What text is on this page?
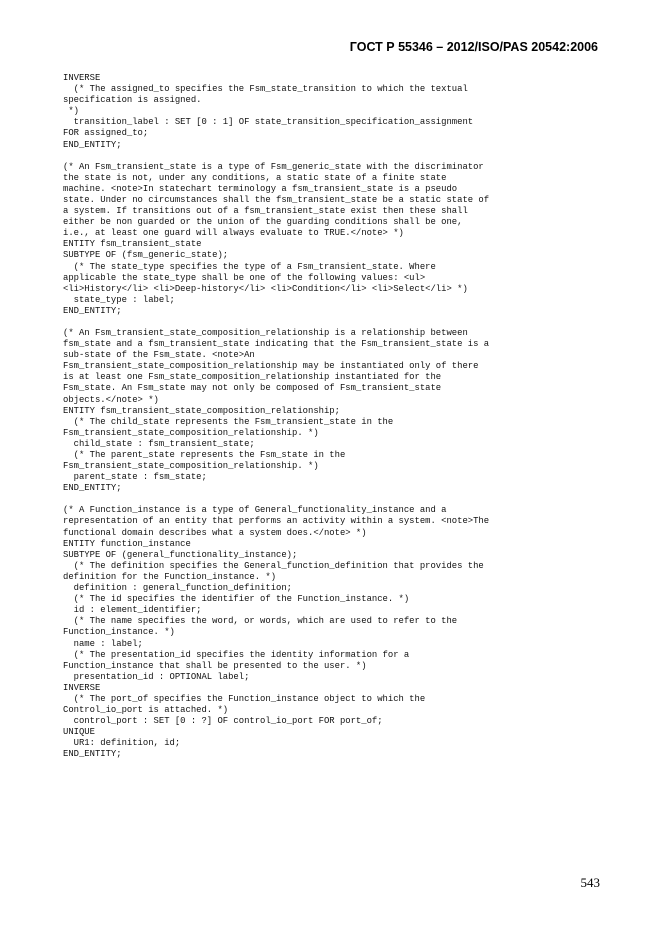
ГОСТ Р 55346 – 2012/ISO/PAS 20542:2006
INVERSE
(* The assigned_to specifies the Fsm_state_transition to which the textual
specification is assigned.
*)
transition_label : SET [0 : 1] OF state_transition_specification_assignment
FOR assigned_to;
END_ENTITY;
(* An Fsm_transient_state is a type of Fsm_generic_state with the discriminator
the state is not, under any conditions, a static state of a finite state
machine. <note>In statechart terminology a fsm_transient_state is a pseudo
state. Under no circumstances shall the fsm_transient_state be a static state of
a system. If transitions out of a fsm_transient_state exist then these shall
either be non guarded or the union of the guarding conditions shall be one,
i.e., at least one guard will always evaluate to TRUE.</note> *)
ENTITY fsm_transient_state
SUBTYPE OF (fsm_generic_state);
(* The state_type specifies the type of a Fsm_transient_state. Where
applicable the state_type shall be one of the following values: <ul>
<li>History</li> <li>Deep-history</li> <li>Condition</li> <li>Select</li> *)
state_type : label;
END_ENTITY;
(* An Fsm_transient_state_composition_relationship is a relationship between
fsm_state and a fsm_transient_state indicating that the Fsm_transient_state is a
sub-state of the Fsm_state. <note>An
Fsm_transient_state_composition_relationship may be instantiated only of there
is at least one Fsm_state_composition_relationship instantiated for the
Fsm_state. An Fsm_state may not only be composed of Fsm_transient_state
objects.</note> *)
ENTITY fsm_transient_state_composition_relationship;
(* The child_state represents the Fsm_transient_state in the
Fsm_transient_state_composition_relationship. *)
child_state : fsm_transient_state;
(* The parent_state represents the Fsm_state in the
Fsm_transient_state_composition_relationship. *)
parent_state : fsm_state;
END_ENTITY;
(* A Function_instance is a type of General_functionality_instance and a
representation of an entity that performs an activity within a system. <note>The
functional domain describes what a system does.</note> *)
ENTITY function_instance
SUBTYPE OF (general_functionality_instance);
(* The definition specifies the General_function_definition that provides the
definition for the Function_instance. *)
definition : general_function_definition;
(* The id specifies the identifier of the Function_instance. *)
id : element_identifier;
(* The name specifies the word, or words, which are used to refer to the
Function_instance. *)
name : label;
(* The presentation_id specifies the identity information for a
Function_instance that shall be presented to the user. *)
presentation_id : OPTIONAL label;
INVERSE
(* The port_of specifies the Function_instance object to which the
Control_io_port is attached. *)
control_port : SET [0 : ?] OF control_io_port FOR port_of;
UNIQUE
UR1: definition, id;
END_ENTITY;
543
